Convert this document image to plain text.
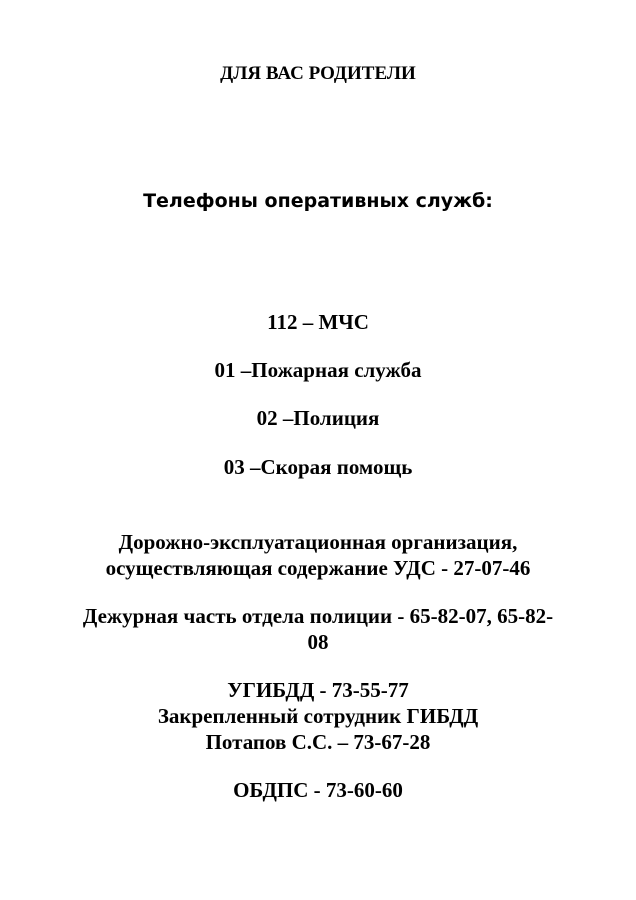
ДЛЯ ВАС РОДИТЕЛИ
Телефоны оперативных служб:
112 – МЧС
01 –Пожарная служба
02 –Полиция
03 –Скорая помощь
Дорожно-эксплуатационная организация,
осуществляющая содержание УДС - 27-07-46
Дежурная часть отдела полиции - 65-82-07, 65-82-
08
УГИБДД - 73-55-77
Закрепленный сотрудник ГИБДД
Потапов С.С. – 73-67-28
ОБДПС - 73-60-60
